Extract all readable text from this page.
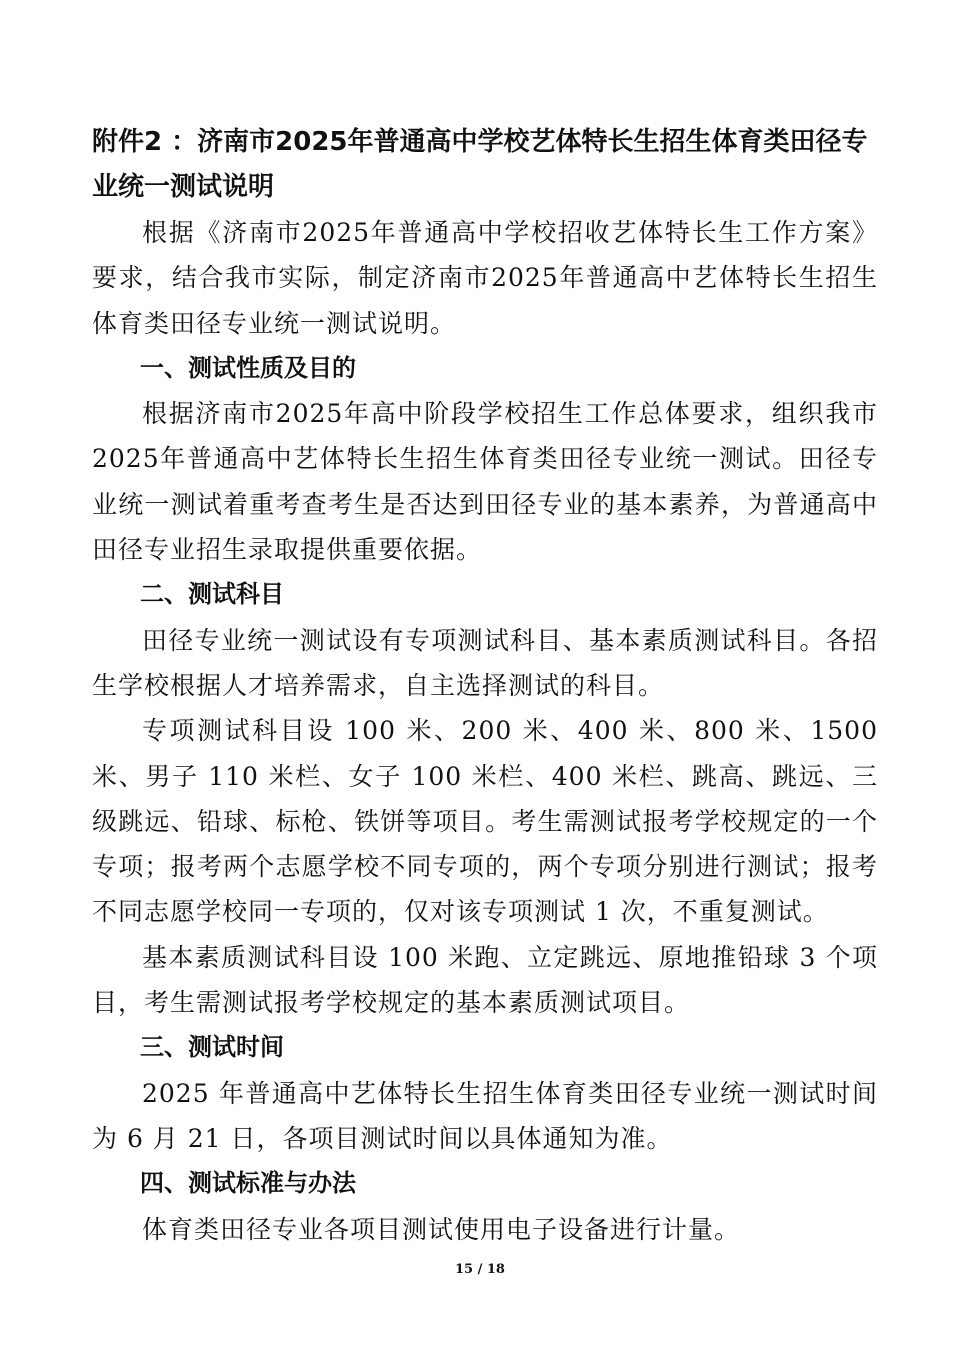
附件2 ：济南市2025年普通高中学校艺体特长生招生体育类田径专业统一测试说明

根据《济南市2025年普通高中学校招收艺体特长生工作方案》要求，结合我市实际，制定济南市2025年普通高中艺体特长生招生体育类田径专业统一测试说明。

一、测试性质及目的

根据济南市2025年高中阶段学校招生工作总体要求，组织我市2025年普通高中艺体特长生招生体育类田径专业统一测试。田径专业统一测试着重考查考生是否达到田径专业的基本素养，为普通高中田径专业招生录取提供重要依据。

二、测试科目

田径专业统一测试设有专项测试科目、基本素质测试科目。各招生学校根据人才培养需求，自主选择测试的科目。

专项测试科目设 100 米、200 米、400 米、800 米、1500 米、男子 110 米栏、女子 100 米栏、400 米栏、跳高、跳远、三级跳远、铅球、标枪、铁饼等项目。考生需测试报考学校规定的一个专项；报考两个志愿学校不同专项的，两个专项分别进行测试；报考不同志愿学校同一专项的，仅对该专项测试 1 次，不重复测试。

基本素质测试科目设 100 米跑、立定跳远、原地推铅球 3 个项目，考生需测试报考学校规定的基本素质测试项目。

三、测试时间

2025 年普通高中艺体特长生招生体育类田径专业统一测试时间为 6 月 21 日，各项目测试时间以具体通知为准。

四、测试标准与办法

体育类田径专业各项目测试使用电子设备进行计量。

15 / 18
